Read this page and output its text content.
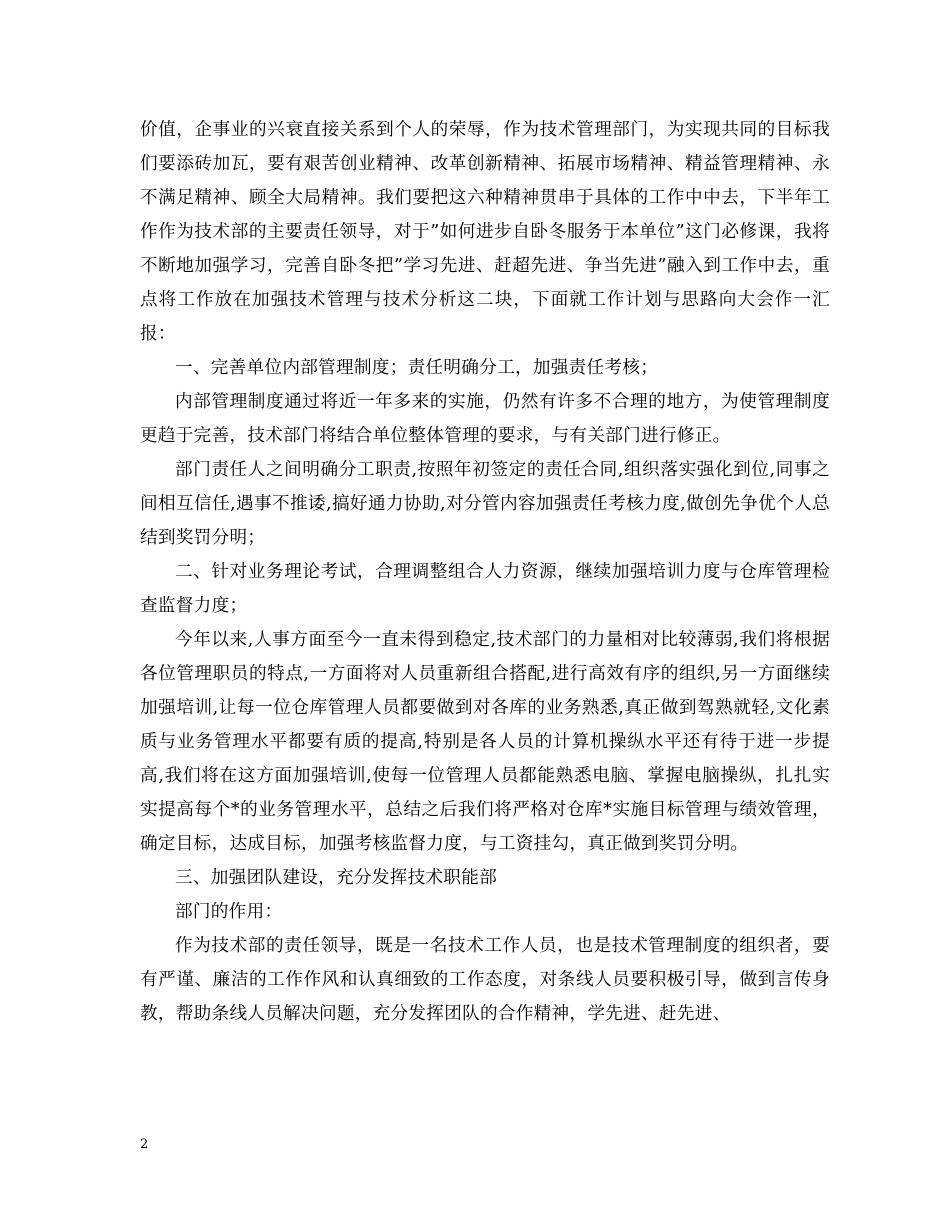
价值，企事业的兴衰直接关系到个人的荣辱，作为技术管理部门，为实现共同的目标我们要添砖加瓦，要有艰苦创业精神、改革创新精神、拓展市场精神、精益管理精神、永不满足精神、顾全大局精神。我们要把这六种精神贯串于具体的工作中中去，下半年工作作为技术部的主要责任领导，对于”如何进步自卧冬服务于本单位”这门必修课，我将不断地加强学习，完善自卧冬把”学习先进、赶超先进、争当先进”融入到工作中去，重点将工作放在加强技术管理与技术分析这二块，下面就工作计划与思路向大会作一汇报：

一、完善单位内部管理制度；责任明确分工，加强责任考核；

内部管理制度通过将近一年多来的实施，仍然有许多不合理的地方，为使管理制度更趋于完善，技术部门将结合单位整体管理的要求，与有关部门进行修正。

部门责任人之间明确分工职责,按照年初签定的责任合同,组织落实强化到位,同事之间相互信任,遇事不推诿,搞好通力协助,对分管内容加强责任考核力度,做创先争优个人总结到奖罚分明；

二、针对业务理论考试，合理调整组合人力资源，继续加强培训力度与仓库管理检查监督力度；

今年以来,人事方面至今一直未得到稳定,技术部门的力量相对比较薄弱,我们将根据各位管理职员的特点,一方面将对人员重新组合搭配,进行高效有序的组织,另一方面继续加强培训,让每一位仓库管理人员都要做到对各库的业务熟悉,真正做到驾熟就轻,文化素质与业务管理水平都要有质的提高,特别是各人员的计算机操纵水平还有待于进一步提高,我们将在这方面加强培训,使每一位管理人员都能熟悉电脑、掌握电脑操纵，扎扎实实提高每个*的业务管理水平，总结之后我们将严格对仓库*实施目标管理与绩效管理，确定目标，达成目标，加强考核监督力度，与工资挂勾，真正做到奖罚分明。

三、加强团队建设，充分发挥技术职能部

部门的作用：

作为技术部的责任领导，既是一名技术工作人员，也是技术管理制度的组织者，要有严谨、廉洁的工作作风和认真细致的工作态度，对条线人员要积极引导，做到言传身教，帮助条线人员解决问题，充分发挥团队的合作精神，学先进、赶先进、

2
